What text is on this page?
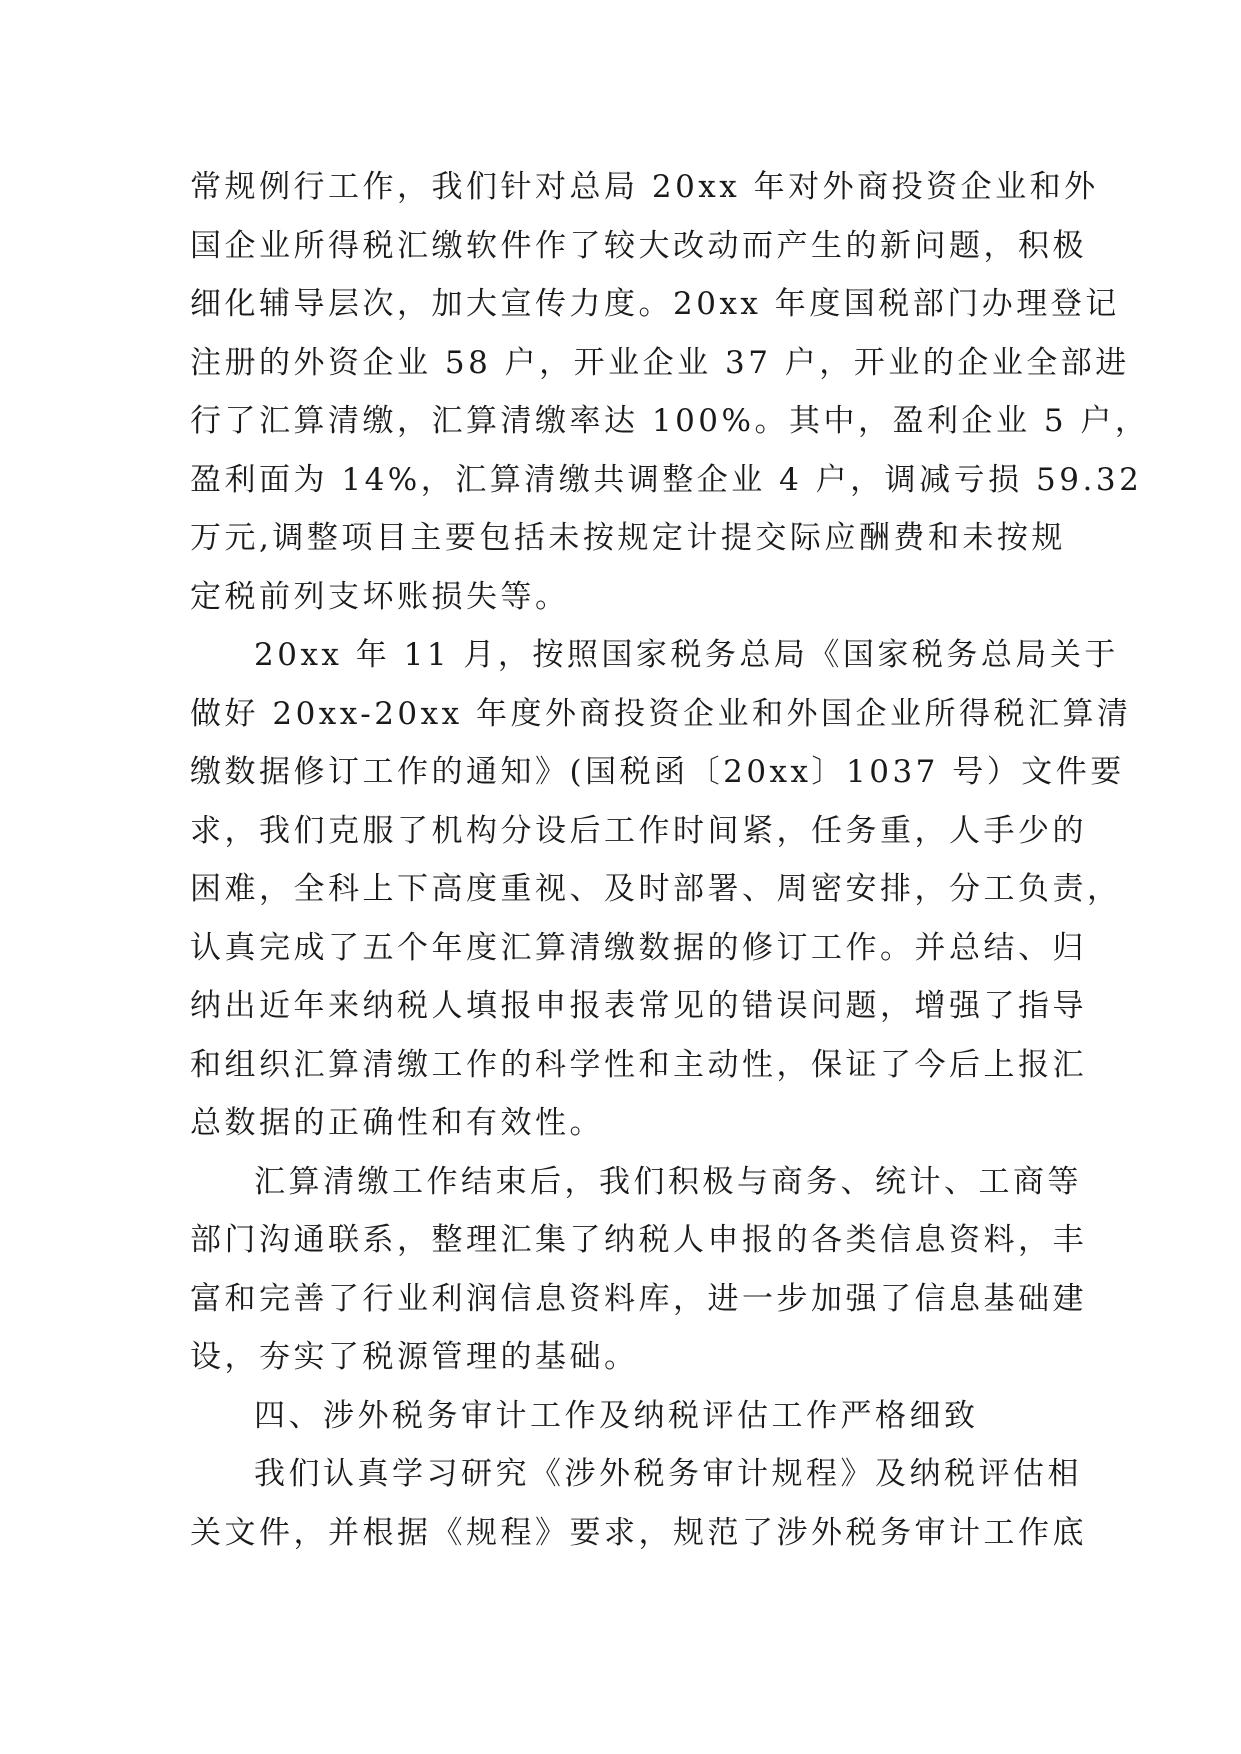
常规例行工作，我们针对总局 20xx 年对外商投资企业和外
国企业所得税汇缴软件作了较大改动而产生的新问题，积极
细化辅导层次，加大宣传力度。20xx 年度国税部门办理登记
注册的外资企业 58 户，开业企业 37 户，开业的企业全部进
行了汇算清缴，汇算清缴率达 100%。其中，盈利企业 5 户，
盈利面为 14%，汇算清缴共调整企业 4 户，调减亏损 59.32
万元,调整项目主要包括未按规定计提交际应酬费和未按规
定税前列支坏账损失等。
20xx 年 11 月，按照国家税务总局《国家税务总局关于
做好 20xx-20xx 年度外商投资企业和外国企业所得税汇算清
缴数据修订工作的通知》(国税函〔20xx〕1037 号）文件要
求，我们克服了机构分设后工作时间紧，任务重，人手少的
困难，全科上下高度重视、及时部署、周密安排，分工负责，
认真完成了五个年度汇算清缴数据的修订工作。并总结、归
纳出近年来纳税人填报申报表常见的错误问题，增强了指导
和组织汇算清缴工作的科学性和主动性，保证了今后上报汇
总数据的正确性和有效性。
汇算清缴工作结束后，我们积极与商务、统计、工商等
部门沟通联系，整理汇集了纳税人申报的各类信息资料，丰
富和完善了行业利润信息资料库，进一步加强了信息基础建
设，夯实了税源管理的基础。
四、涉外税务审计工作及纳税评估工作严格细致
我们认真学习研究《涉外税务审计规程》及纳税评估相
关文件，并根据《规程》要求，规范了涉外税务审计工作底
